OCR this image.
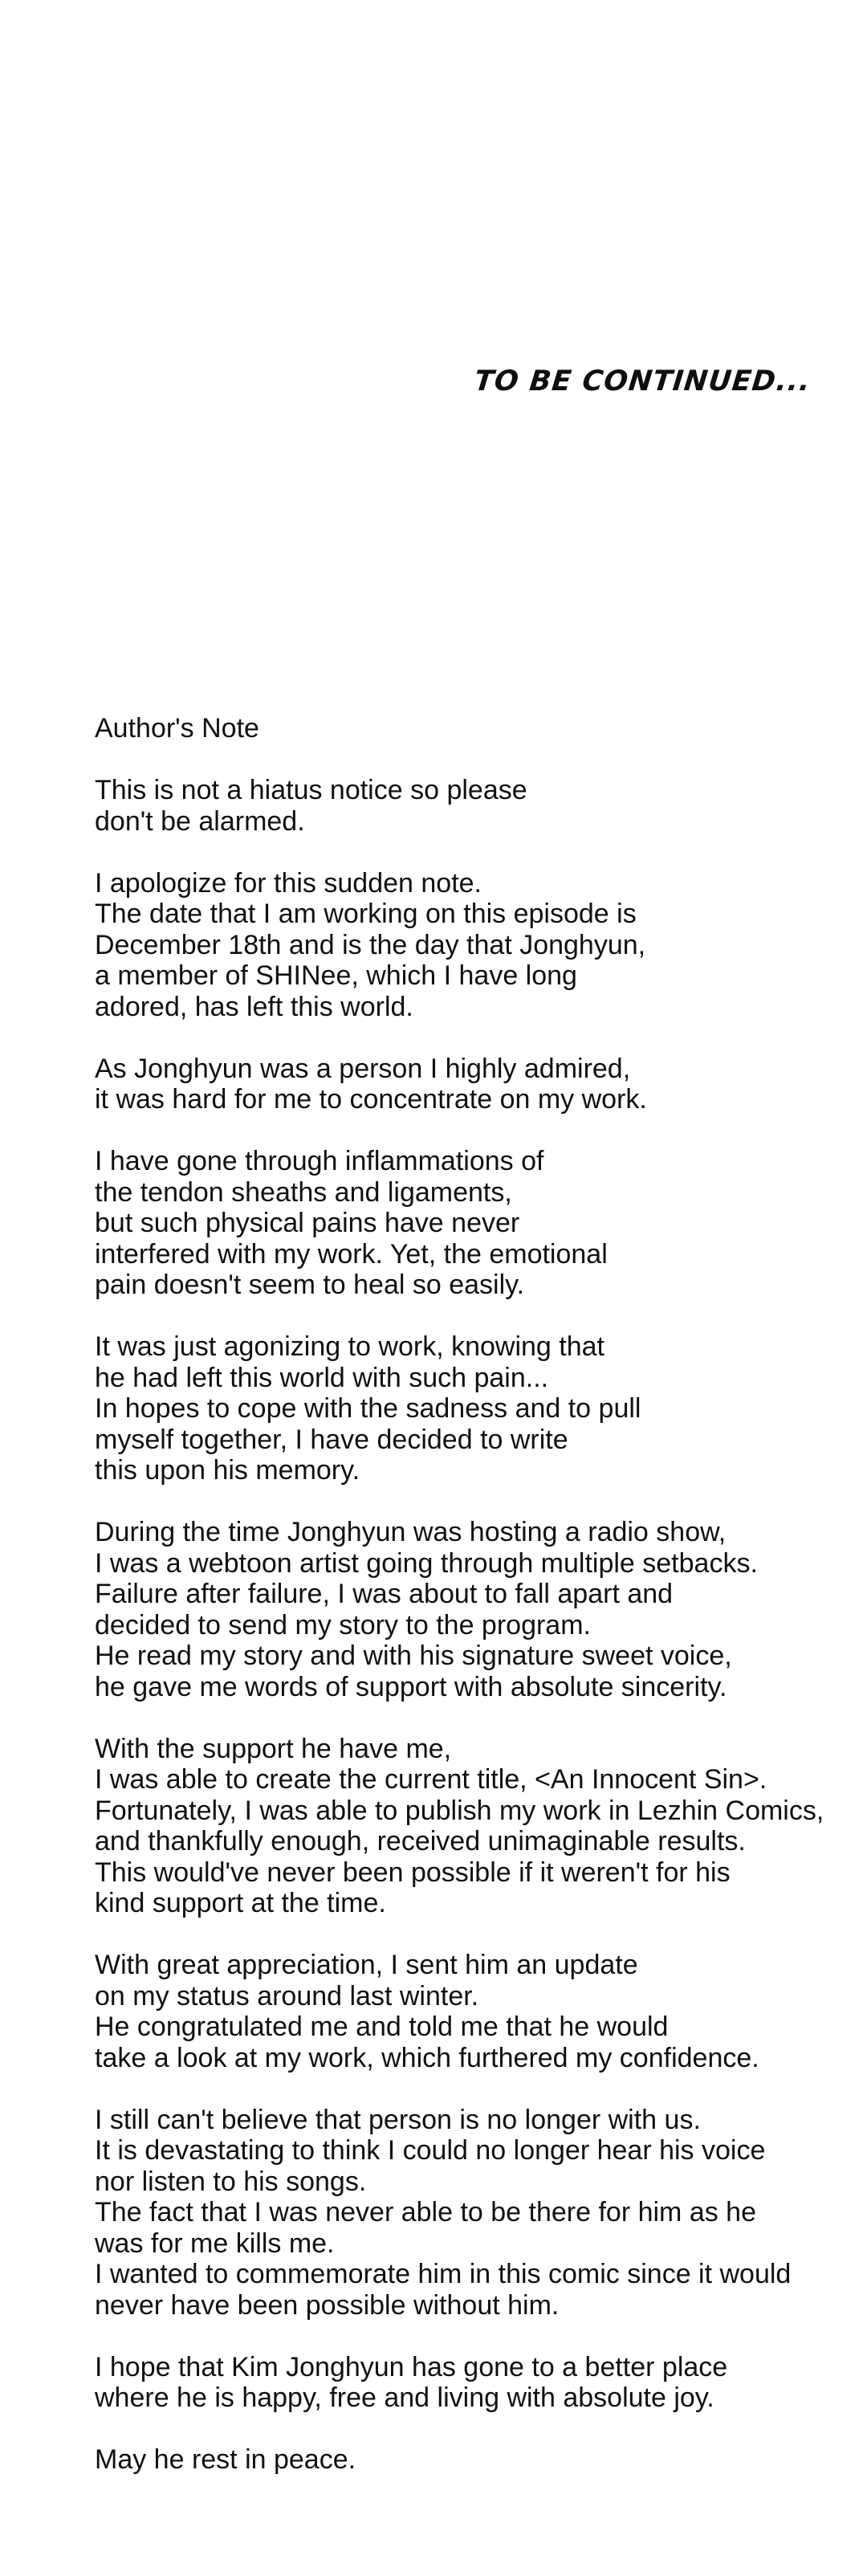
TO BE CONTINUED...
Author's Note
This is not a hiatus notice so please
don't be alarmed.
I apologize for this sudden note.
The date that I am working on this episode is
December 18th and is the day that Jonghyun,
a member of SHINee, which I have long
adored, has left this world.
As Jonghyun was a person I highly admired,
it was hard for me to concentrate on my work.
I have gone through inflammations of
the tendon sheaths and ligaments,
but such physical pains have never
interfered with my work. Yet, the emotional
pain doesn't seem to heal so easily.
It was just agonizing to work, knowing that
he had left this world with such pain...
In hopes to cope with the sadness and to pull
myself together, I have decided to write
this upon his memory.
During the time Jonghyun was hosting a radio show,
I was a webtoon artist going through multiple setbacks.
Failure after failure, I was about to fall apart and
decided to send my story to the program.
He read my story and with his signature sweet voice,
he gave me words of support with absolute sincerity.
With the support he have me,
I was able to create the current title, <An Innocent Sin>.
Fortunately, I was able to publish my work in Lezhin Comics,
and thankfully enough, received unimaginable results.
This would've never been possible if it weren't for his
kind support at the time.
With great appreciation, I sent him an update
on my status around last winter.
He congratulated me and told me that he would
take a look at my work, which furthered my confidence.
I still can't believe that person is no longer with us.
It is devastating to think I could no longer hear his voice
nor listen to his songs.
The fact that I was never able to be there for him as he
was for me kills me.
I wanted to commemorate him in this comic since it would
never have been possible without him.
I hope that Kim Jonghyun has gone to a better place
where he is happy, free and living with absolute joy.
May he rest in peace.
